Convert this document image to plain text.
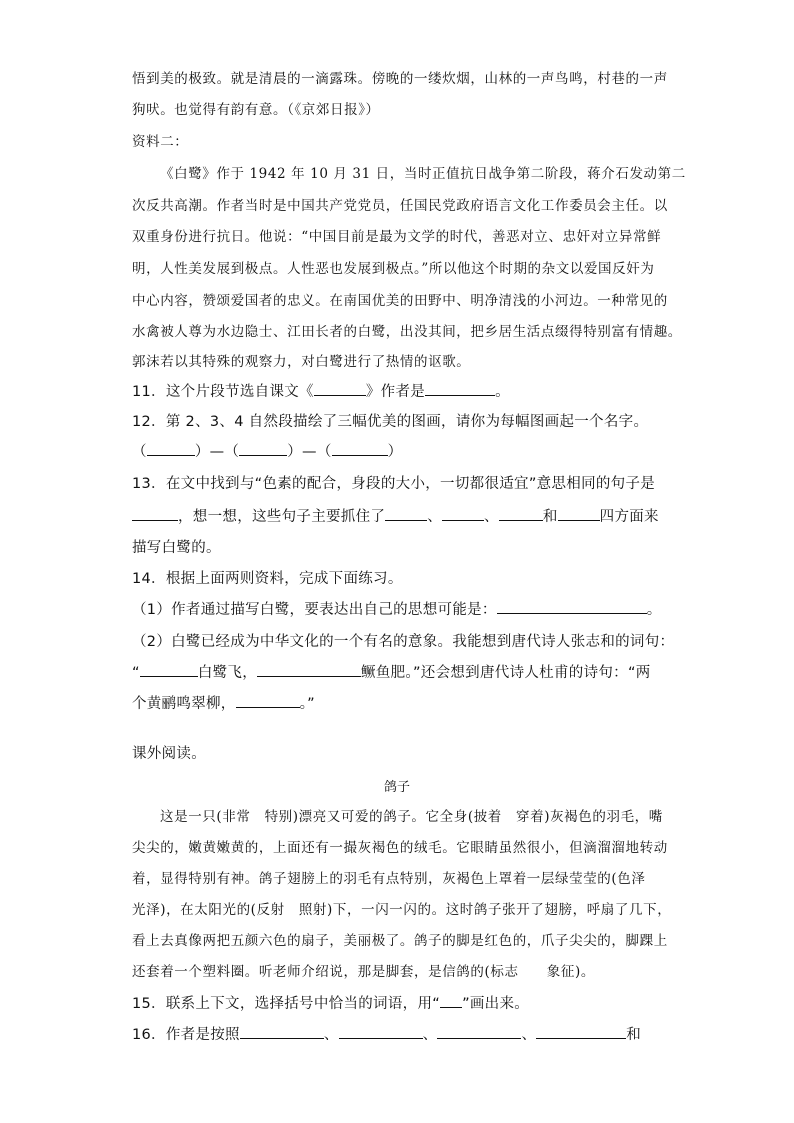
悟到美的极致。就是清晨的一滴露珠。傍晚的一缕炊烟，山林的一声鸟鸣，村巷的一声
狗吠。也觉得有韵有意。（《京郊日报》）
资料二：
《白鹭》作于 1942 年 10 月 31 日，当时正值抗日战争第二阶段，蒋介石发动第二
次反共高潮。作者当时是中国共产党党员，任国民党政府语言文化工作委员会主任。以
双重身份进行抗日。他说：“中国目前是最为文学的时代，善恶对立、忠奸对立异常鲜
明，人性美发展到极点。人性恶也发展到极点。”所以他这个时期的杂文以爱国反奸为
中心内容，赞颂爱国者的忠义。在南国优美的田野中、明净清浅的小河边。一种常见的
水禽被人尊为水边隐士、江田长者的白鹭，出没其间，把乡居生活点缀得特别富有情趣。
郭沫若以其特殊的观察力，对白鹭进行了热情的讴歌。
11．这个片段节选自课文《	》作者是	。
12．第 2、3、4 自然段描绘了三幅优美的图画，请你为每幅图画起一个名字。
（	）—（	）—（	）
13．在文中找到与“色素的配合，身段的大小，一切都很适宜”意思相同的句子是
，想一想，这些句子主要抓住了	、	、	和	四方面来
描写白鹭的。
14．根据上面两则资料，完成下面练习。
（1）作者通过描写白鹭，要表达出自己的思想可能是：	。
（2）白鹭已经成为中华文化的一个有名的意象。我能想到唐代诗人张志和的词句：
“	白鹭飞，	鳜鱼肥。”还会想到唐代诗人杜甫的诗句：“两
个黄鹂鸣翠柳，	。”
课外阅读。
鸽子
这是一只(非常　特别)漂亮又可爱的鸽子。它全身(披着　穿着)灰褐色的羽毛，嘴
尖尖的，嫩黄嫩黄的，上面还有一撮灰褐色的绒毛。它眼睛虽然很小，但滴溜溜地转动
着，显得特别有神。鸽子翅膀上的羽毛有点特别，灰褐色上罩着一层绿莹莹的(色泽
光泽)，在太阳光的(反射　照射)下，一闪一闪的。这时鸽子张开了翅膀，呼扇了几下，
看上去真像两把五颜六色的扇子，美丽极了。鸽子的脚是红色的，爪子尖尖的，脚踝上
还套着一个塑料圈。听老师介绍说，那是脚套，是信鸽的(标志　　象征)。
15．联系上下文，选择括号中恰当的词语，用“ ”画出来。
16．作者是按照	、	、	、	和
